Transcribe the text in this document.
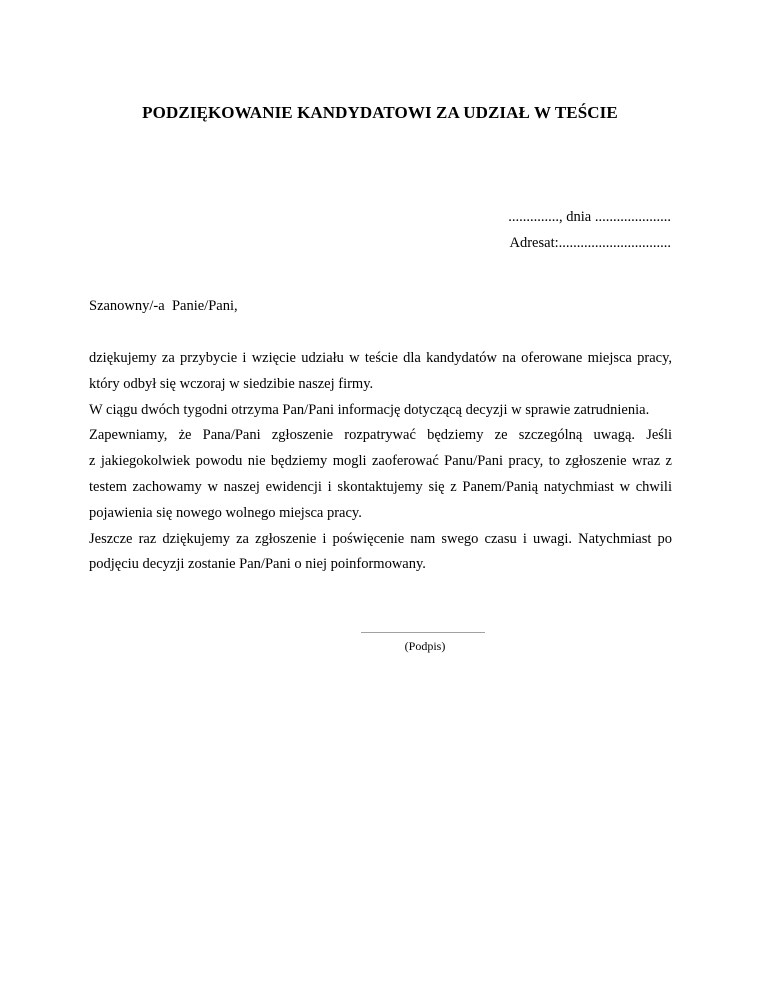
PODZIĘKOWANIE KANDYDATOWI ZA UDZIAŁ W TEŚCIE
.............., dnia .....................
Adresat:...............................
Szanowny/-a  Panie/Pani,
dziękujemy za przybycie i wzięcie udziału w teście dla kandydatów na oferowane miejsca pracy,
który odbył się wczoraj w siedzibie naszej firmy.
W ciągu dwóch tygodni otrzyma Pan/Pani informację dotyczącą decyzji w sprawie zatrudnienia.
Zapewniamy, że Pana/Pani zgłoszenie rozpatrywać będziemy ze szczególną uwagą. Jeśli
z jakiegokolwiek powodu nie będziemy mogli zaoferować Panu/Pani pracy, to zgłoszenie wraz z
testem zachowamy w naszej ewidencji i skontaktujemy się z Panem/Panią natychmiast w chwili
pojawienia się nowego wolnego miejsca pracy.
Jeszcze raz dziękujemy za zgłoszenie i poświęcenie nam swego czasu i uwagi. Natychmiast po
podjęciu decyzji zostanie Pan/Pani o niej poinformowany.
..............................................................
(Podpis)
